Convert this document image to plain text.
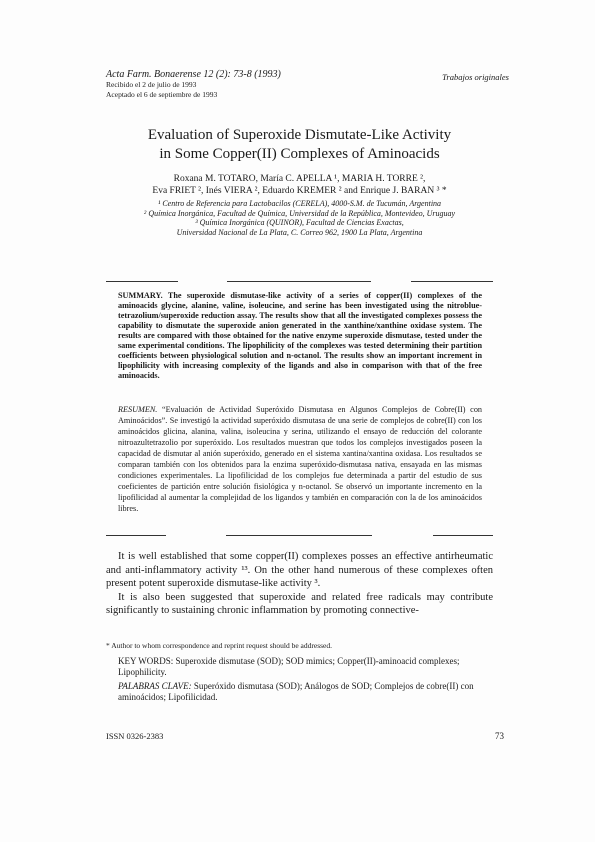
Acta Farm. Bonaerense 12 (2): 73-8 (1993)
Recibido el 2 de julio de 1993
Aceptado el 6 de septiembre de 1993
Trabajos originales
Evaluation of Superoxide Dismutate-Like Activity
in Some Copper(II) Complexes of Aminoacids
Roxana M. TOTARO, María C. APELLA ¹, MARIA H. TORRE ²,
Eva FRIET ², Inés VIERA ², Eduardo KREMER ² and Enrique J. BARAN ³ *
¹ Centro de Referencia para Lactobacilos (CERELA), 4000-S.M. de Tucumán, Argentina
² Química Inorgánica, Facultad de Química, Universidad de la República, Montevideo, Uruguay
³ Química Inorgánica (QUINOR), Facultad de Ciencias Exactas,
Universidad Nacional de La Plata, C. Correo 962, 1900 La Plata, Argentina
SUMMARY. The superoxide dismutase-like activity of a series of copper(II) complexes of the aminoacids glycine, alanine, valine, isoleucine, and serine has been investigated using the nitroblue-tetrazolium/superoxide reduction assay. The results show that all the investigated complexes possess the capability to dismutate the superoxide anion generated in the xanthine/xanthine oxidase system. The results are compared with those obtained for the native enzyme superoxide dismutase, tested under the same experimental conditions. The lipophilicity of the complexes was tested determining their partition coefficients between physiological solution and n-octanol. The results show an important increment in lipophilicity with increasing complexity of the ligands and also in comparison with that of the free aminoacids.
RESUMEN. “Evaluación de Actividad Superóxido Dismutasa en Algunos Complejos de Cobre(II) con Aminoácidos”. Se investigó la actividad superóxido dismutasa de una serie de complejos de cobre(II) con los aminoácidos glicina, alanina, valina, isoleucina y serina, utilizando el ensayo de reducción del colorante nitroazultetrazolio por superóxido. Los resultados muestran que todos los complejos investigados poseen la capacidad de dismutar al anión superóxido, generado en el sistema xantina/xantina oxidasa. Los resultados se comparan también con los obtenidos para la enzima superóxido-dismutasa nativa, ensayada en las mismas condiciones experimentales. La lipofilicidad de los complejos fue determinada a partir del estudio de sus coeficientes de partición entre solución fisiológica y n-octanol. Se observó un importante incremento en la lipofilicidad al aumentar la complejidad de los ligandos y también en comparación con la de los aminoácidos libres.

It is well established that some copper(II) complexes posses an effective antirheumatic and anti-inflammatory activity ¹³. On the other hand numerous of these complexes often present potent superoxide dismutase-like activity ³.

It is also been suggested that superoxide and related free radicals may contribute significantly to sustaining chronic inflammation by promoting connective-

* Author to whom correspondence and reprint request should be addressed.

KEY WORDS: Superoxide dismutase (SOD); SOD mimics; Copper(II)-aminoacid complexes; Lipophilicity.

PALABRAS CLAVE: Superóxido dismutasa (SOD); Análogos de SOD; Complejos de cobre(II) con aminoácidos; Lipofilicidad.

ISSN 0326-2383	73
